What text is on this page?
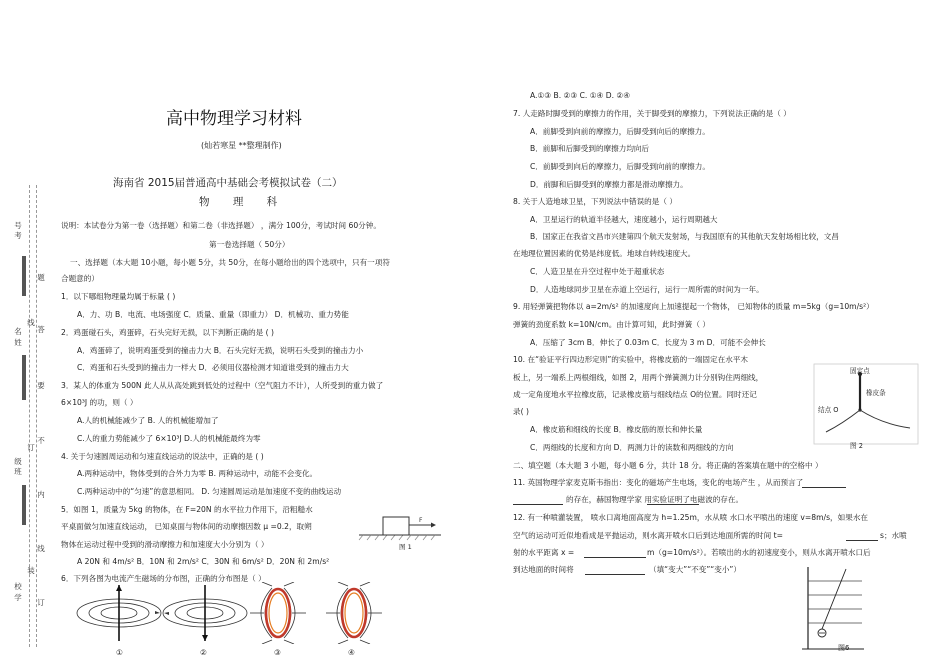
高中物理学习材料
(灿若寒星 **整理制作)
海南省 2015届普通高中基础会考模拟试卷（二）
物 理 科
号
考
名
姓
级
班
校
学
题
答
线
要
不
订
内
线
装
订
说明：本试卷分为第一卷（选择题）和第二卷（非选择题） ，满分 100分，考试时间 60分钟。
第一卷选择题（ 50分）
一、选择题（本大题 10小题，每小题 5分，共 50分，在每小题给出的四个选项中，只有一项符
合题意的）
1．以下哪组物理量均属于标量 ( )
A．力、功 B．电流、电场强度 C．质量、重量（即重力） D．机械功、重力势能
2．鸡蛋碰石头，鸡蛋碎，石头完好无损，以下判断正确的是 ( )
A．鸡蛋碎了，说明鸡蛋受到的撞击力大 B．石头完好无损，说明石头受到的撞击力小
C．鸡蛋和石头受到的撞击力一样大 D．必须用仪器检测才知道谁受到的撞击力大
3．某人的体重为 500N 此人从从高处跳到低处的过程中（空气阻力不计），人所受到的重力做了
6×10³J 的功，则（ ）
A.人的机械能减少了 B. 人的机械能增加了
C.人的重力势能减少了 6×10³J D.人的机械能最终为零
4. 关于匀速圆周运动和匀速直线运动的说法中，正确的是 ( )
A.两种运动中，物体受到的合外力为零 B. 两种运动中，动能不会变化。
C.两种运动中的“匀速”的意思相同。 D. 匀速圆周运动是加速度不变的曲线运动
5．如图 1，质量为 5kg 的物体，在 F=20N 的水平拉力作用下，沿粗糙水
平桌面做匀加速直线运动， 已知桌面与物体间的动摩擦因数 μ =0.2，取朔
物体在运动过程中受到的滑动摩擦力和加速度大小分别为（ ）
A 20N 和 4m/s² B．10N 和 2m/s² C．30N 和 6m/s² D．20N 和 2m/s²
6．下列各图为电流产生磁场的分布图，正确的分布图是（ ）
F
图 1
①	②	③	④
A.①③ B. ②③ C. ①④ D. ②④
7. 人走路时脚受到的摩擦力的作用，关于脚受到的摩擦力，下列说法正确的是（ ）
A．前脚受到向前的摩擦力，后脚受到向后的摩擦力。
B．前脚和后脚受到的摩擦力均向后
C．前脚受到向后的摩擦力，后脚受到向前的摩擦力。
D．前脚和后脚受到的摩擦力都是滑动摩擦力。
8. 关于人造地球卫星，下列说法中错误的是（ ）
A．卫星运行的轨道半径越大，速度越小，运行周期越大
B．国家正在我省文昌市兴建第四个航天发射场，与我国原有的其他航天发射场相比较，文昌
在地理位置因素的优势是纬度低。地球自转线速度大。
C．人造卫星在升空过程中处于超重状态
D．人造地球同步卫星在赤道上空运行，运行一周所需的时间为一年。
9. 用轻弹簧把物体以 a=2m/s² 的加速度向上加速提起一个物体， 已知物体的质量 m=5kg（g=10m/s²）
弹簧的劲度系数 k=10N/cm。由计算可知，此时弹簧（ ）
A．压缩了 3cm B．伸长了 0.03m C．长度为 3 m D．可能不会伸长
10. 在“验证平行四边形定则”的实验中，将橡皮筋的一端固定在水平木
板上，另一端系上两根细线，如图 2，用两个弹簧测力计分别钩住两细线，
成一定角度地水平拉橡皮筋，记录橡皮筋与细线结点 O的位置。同时还记
录( )
A．橡皮筋和细线的长度 B．橡皮筋的原长和伸长量
C．两细线的长度和方向 D．两测力计的读数和两细线的方向
二、填空题（本大题 3 小题，每小题 6 分，共计 18 分。将正确的答案填在题中的空格中 ）
11. 英国物理学家麦克斯韦指出：变化的磁场产生电场，变化的电场产生 ，从而预言了
的存在，赫国物理学家 用实验证明了电磁波的存在。
12. 有一种喷灌装置， 喷水口离地面高度为 h=1.25m，水从喷 水口水平喷出的速度 v=8m/s，如果水在
空气的运动可近似地看成是平抛运动，则水离开喷水口后到达地面所需的时间 t=	s；水喷
射的水平距离 x =	m（g=10m/s²）。若喷出的水的初速度变小，则从水离开喷水口后
到达地面的时间将	（填“变大”“不变”“变小”）
固定点
橡皮条
结点 O
图 2
图6
